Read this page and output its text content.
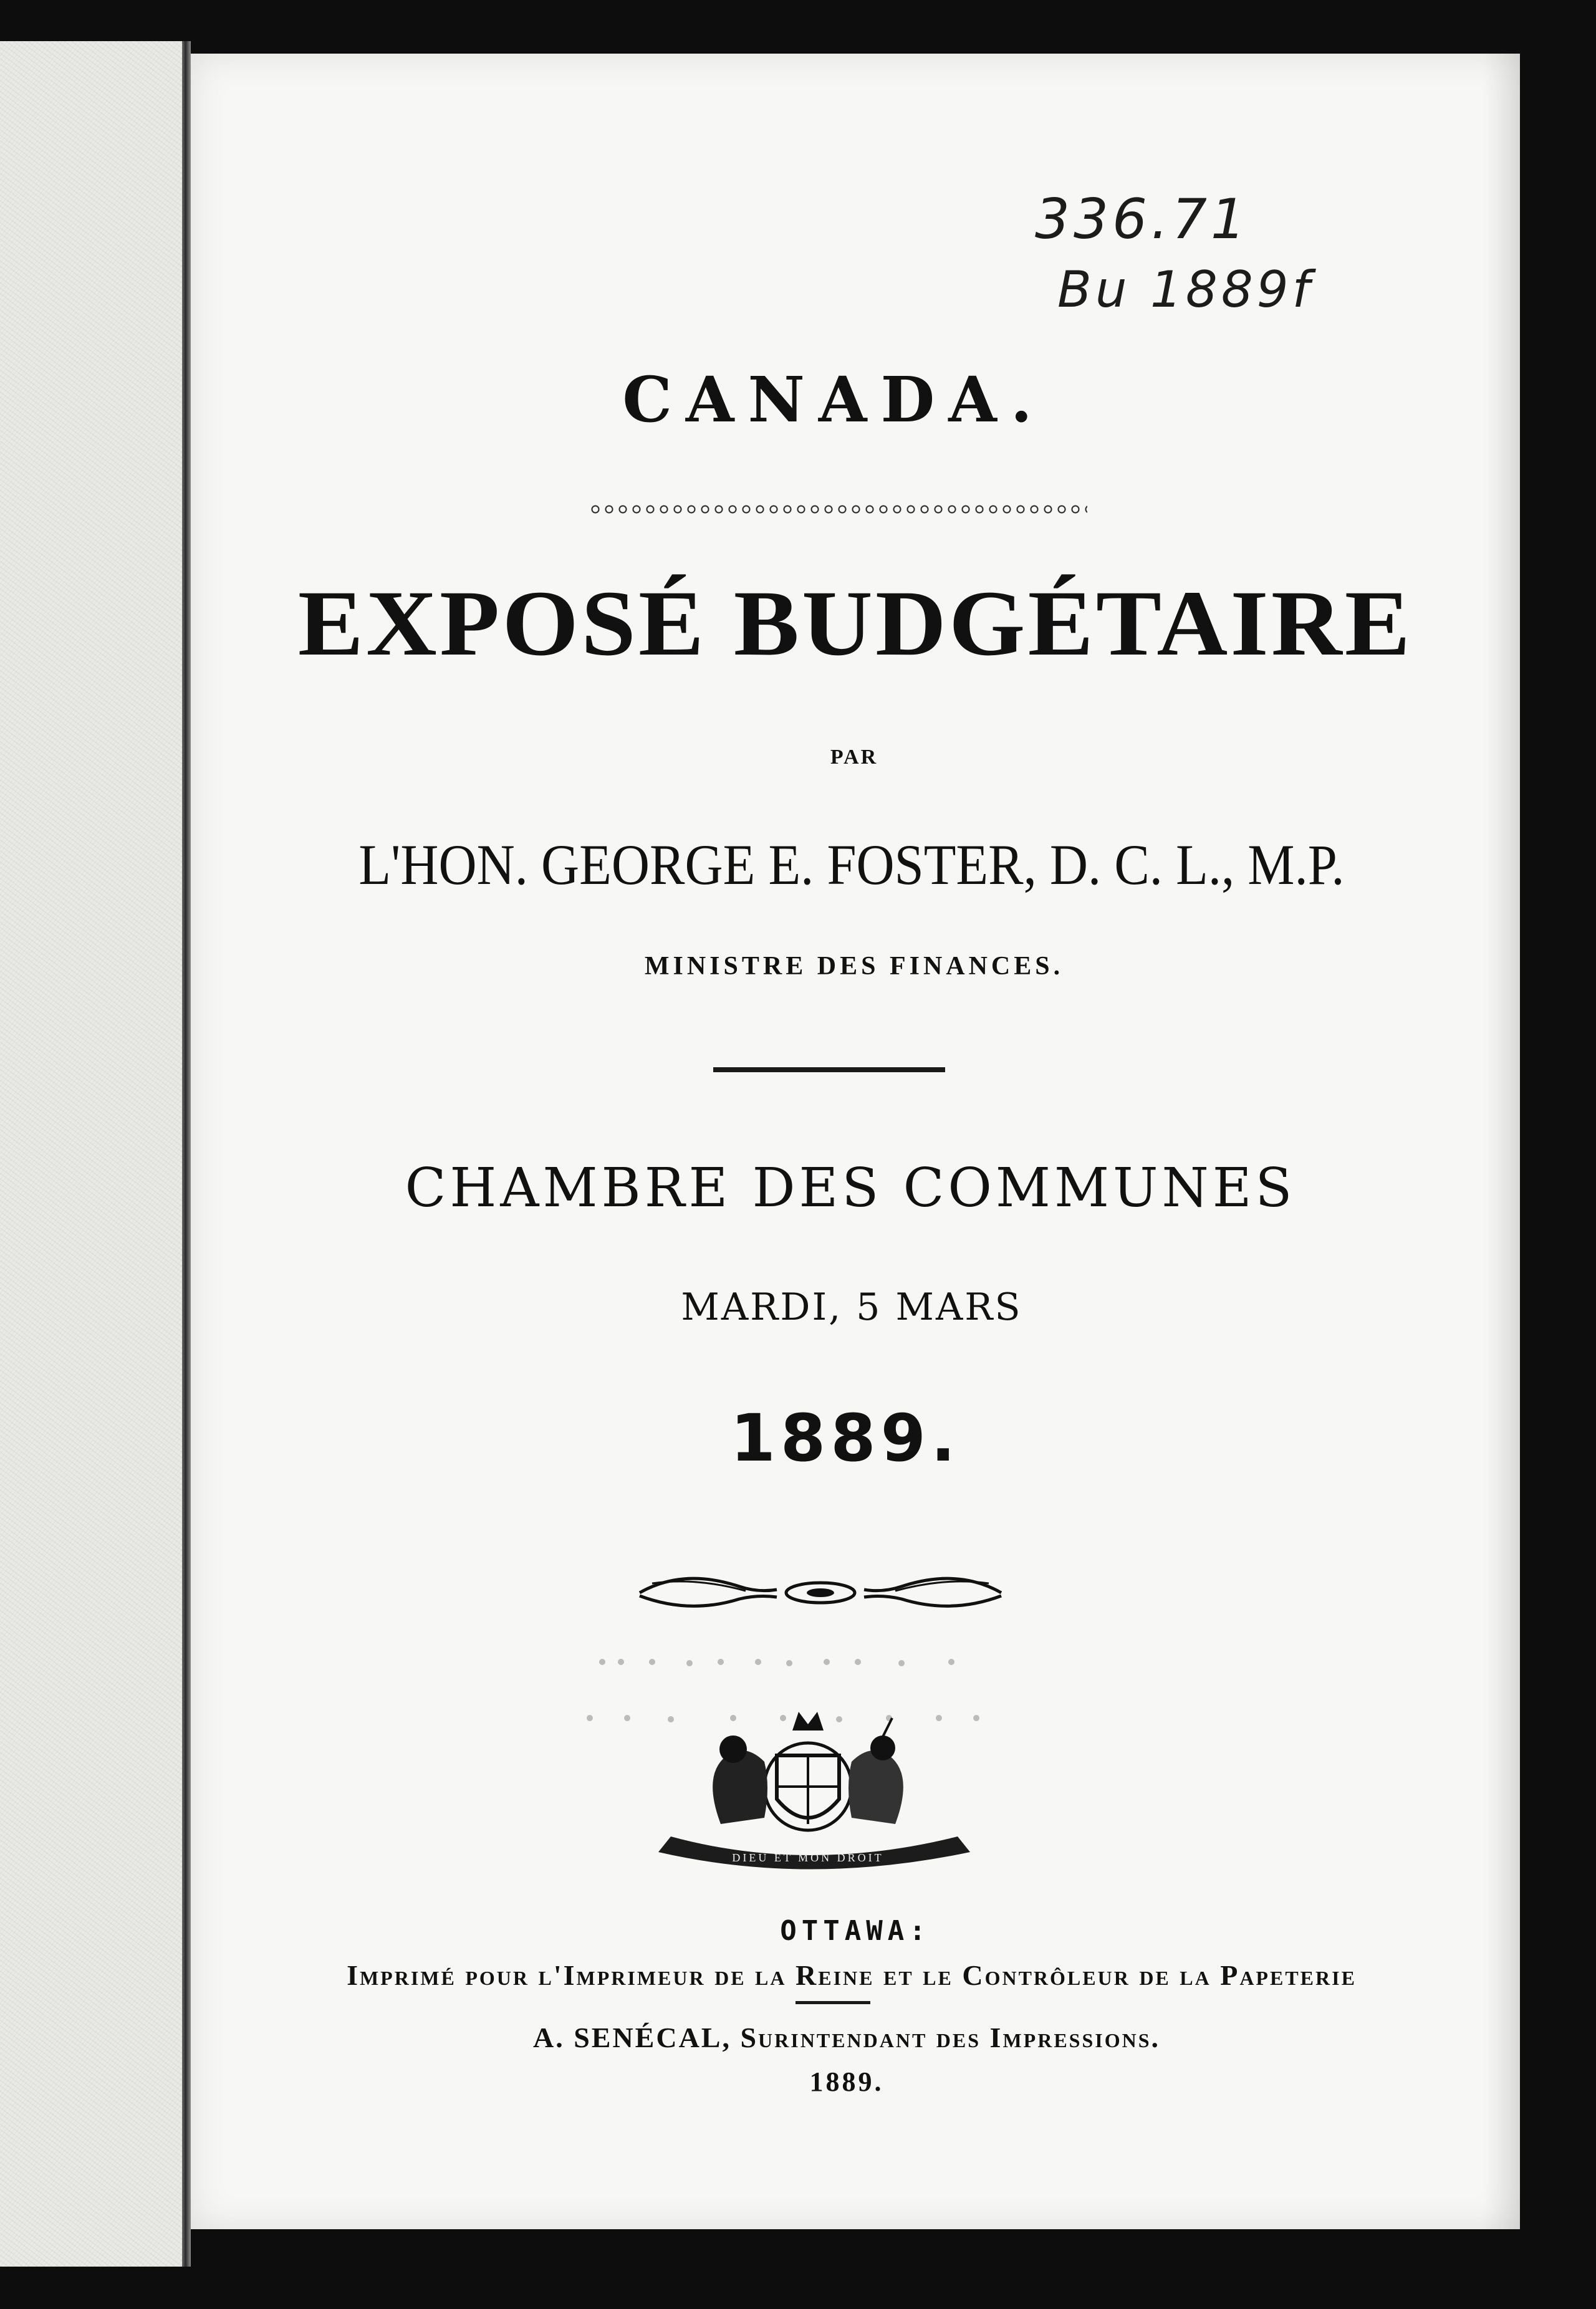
336.71
Bu 1889f
CANADA.
EXPOSÉ BUDGÉTAIRE
PAR
L'HON. GEORGE E. FOSTER, D. C. L., M.P.
MINISTRE DES FINANCES.
CHAMBRE DES COMMUNES
MARDI, 5 MARS
1889.
DIEU ET MON DROIT
OTTAWA:
Imprimé pour l'Imprimeur de la Reine et le Contrôleur de la Papeterie
A. SENÉCAL, Surintendant des Impressions.
1889.
